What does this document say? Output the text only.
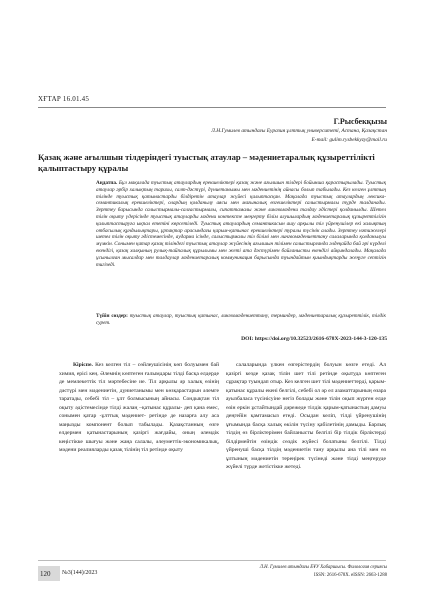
ХҒТАР 16.01.45
Г.Рысбекқызы
Л.Н.Гумилев атындағы Еуразия ұлттық университеті, Астана, Қазақстан
E-mail: gulim.rysbekkyzy@mail.ru
Қазақ және ағылшын тілдеріндегі туыстық атаулар – мәдениетаралық құзыреттілікті қалыптастыру құралы
Аңдатпа. Бұл мақалада туыстық атаулардың ерекшеліктері қазақ және ағылшын тілдері бойынша қарастырылады. Туыстық атаулар әрбір халықтың тарихы, салт-дәстүрі, дүниетанымы мен мәдениетінің айнасы болып табылады. Кез келген ұлттың тілінде туыстық қатынастарды білдіретін атаулар жүйесі қалыптасқан. Мақалада туыстық атаулардың лексика-семантикалық ерекшеліктері, олардың қолданылу аясы мен мағыналық өзгешеліктері салыстырмалы түрде талданады. Зерттеу барысында салыстырмалы-салғастырмалы, сипаттамалы және лингвомәдени талдау әдістері қолданылды. Шетел тілін оқыту үдерісінде туыстық атауларды мәдени контексте меңгерту білім алушылардың мәдениетаралық құзыреттілігін қалыптастыруға ықпал ететіні көрсетіледі. Туыстық атаулардың семантикасын ашу арқылы тіл үйренушілер екі халықтың отбасылық құндылықтары, ұрпақтар арасындағы қарым-қатынас ерекшеліктері туралы түсінік алады. Зерттеу нәтижелері шетел тілін оқыту әдістемесінде, аударма ісінде, салыстырмалы тіл білімі мен лингвомәдениеттану салаларында қолданылуы мүмкін. Сонымен қатар қазақ тіліндегі туыстық атаулар жүйесінің ағылшын тілімен салыстырғанда әлдеқайда бай әрі күрделі екендігі, қазақ халқының рулық-тайпалық құрылымы мен жеті ата дәстүрімен байланысты екендігі айқындалады. Мақалада ұсынылған мысалдар мен талдаулар мәдениетаралық коммуникация барысында туындайтын қиындықтарды жеңуге септігін тигізеді.
Түйін сөздер: туыстық атаулар, туыстық қатынас, лингвомәдениеттану, терминдер, мәдениетаралық құзыреттілік, тілдік сурет.
DOI: https://doi.org/10.32523/2616-678X-2023-144-3-120-135
Кіріспе. Кез келген тіл – сөйлеушісінің көп болуымен бай химия, ерісі кең. Әлемнің көптеген ғалымдары тілді басқа елдерде де мемлекеттік тіл мәртебесіне ие. Тіл арқылы әр халық өзінің дәстүрі мен мәдениетін, дүниетанымы мен көзқарастарын әлемге таратады, себебі тіл – ұлт болмысының айнасы. Сондықтан тіл оқыту әдістемесінде тілді жалаң –қатынас құралы- деп қана емес, сонымен қатар -ұлттық мәдениет- ретінде де назарға алу аса маңызды компонент болып табылады. Қазақстанның өзге елдермен қатынастарының қазіргі жағдайы, оның әлемдік кеңістікке шығуы және жаңа салалы, әлеуметтік-экономикалық, мәдени реалияларды қазақ тілінің тіл ретінде оқыту
салаларында үлкен өзгерістердің болуын көзге етеді. Ал қазіргі кезде қазақ тілін шет тілі ретінде оқытуда көптеген сұрақтар туындап отыр. Кез келген шет тілі мәдениеттерді, қарым-қатынас құралы екені белгілі, себебі ол әр ел азаматтарының өзара ауызбаласа түсінісуіне негіз болады және тілін оқып жүрген елде өзін еркін ұстайтындай дәрежеде тілдік қарым-қатынастың дамуы деңгейін қамтамасыз етеді. Осыдан келіп, тілді үйренушінің ұғымында басқа халық өкілін түсіну қабілетінің дамыды. Барлық тілдің өз бірліктерімен байланысты белгілі бір тілдік бірліктерді білдірмейтін өзіндік сөздік жүйесі болатыны белгілі. Тілді үйренуші басқа тілдің мәдениетін тану арқылы ана тілі мен өз ұлтының мәдениетін тереңірек түсінеді және тілді меңгеруде жүйелі түрде жетістікке жетеді.
120 №3(144)/2023
Л.Н. Гумилев атындағы ЕҰУ Хабаршысы. Филология сериясы
ISSN: 2616-678X. eISSN: 2663-1288
